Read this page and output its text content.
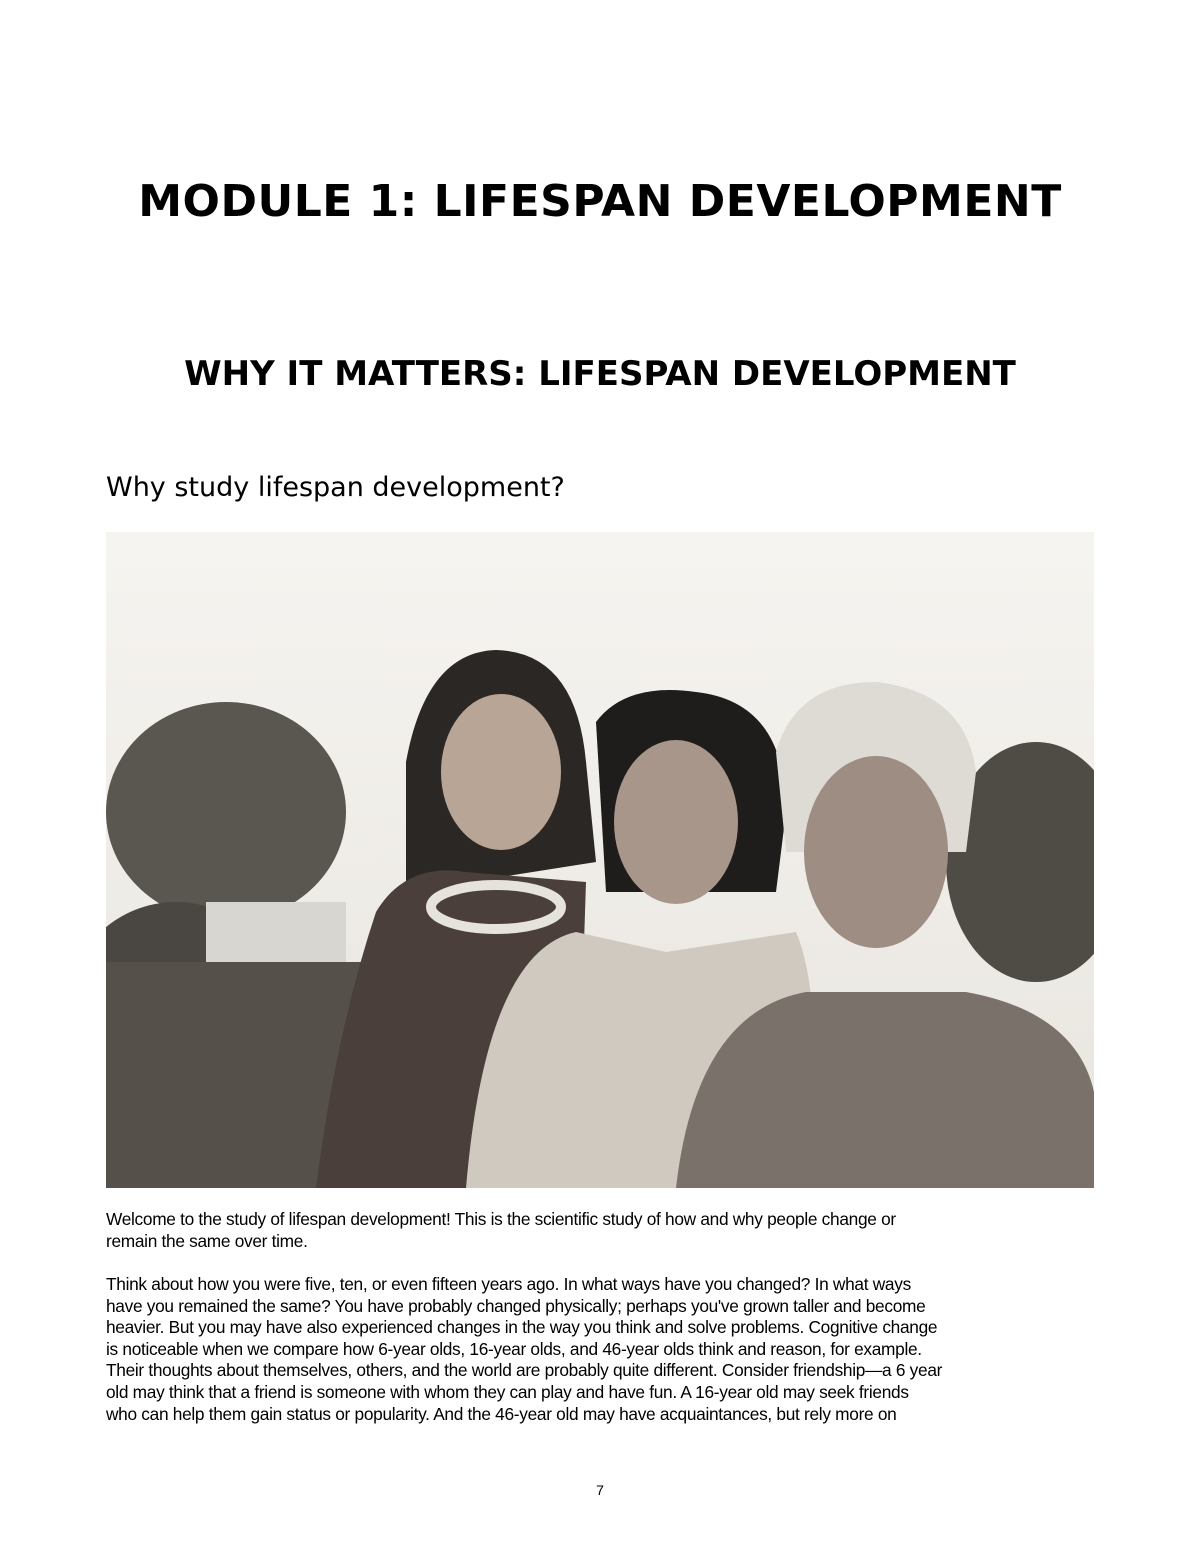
MODULE 1: LIFESPAN DEVELOPMENT
WHY IT MATTERS: LIFESPAN DEVELOPMENT
Why study lifespan development?
Welcome to the study of lifespan development! This is the scientific study of how and why people change or
remain the same over time.
Think about how you were five, ten, or even fifteen years ago. In what ways have you changed? In what ways
have you remained the same? You have probably changed physically; perhaps you've grown taller and become
heavier. But you may have also experienced changes in the way you think and solve problems. Cognitive change
is noticeable when we compare how 6-year olds, 16-year olds, and 46-year olds think and reason, for example.
Their thoughts about themselves, others, and the world are probably quite different. Consider friendship—a 6 year
old may think that a friend is someone with whom they can play and have fun. A 16-year old may seek friends
who can help them gain status or popularity. And the 46-year old may have acquaintances, but rely more on
7
